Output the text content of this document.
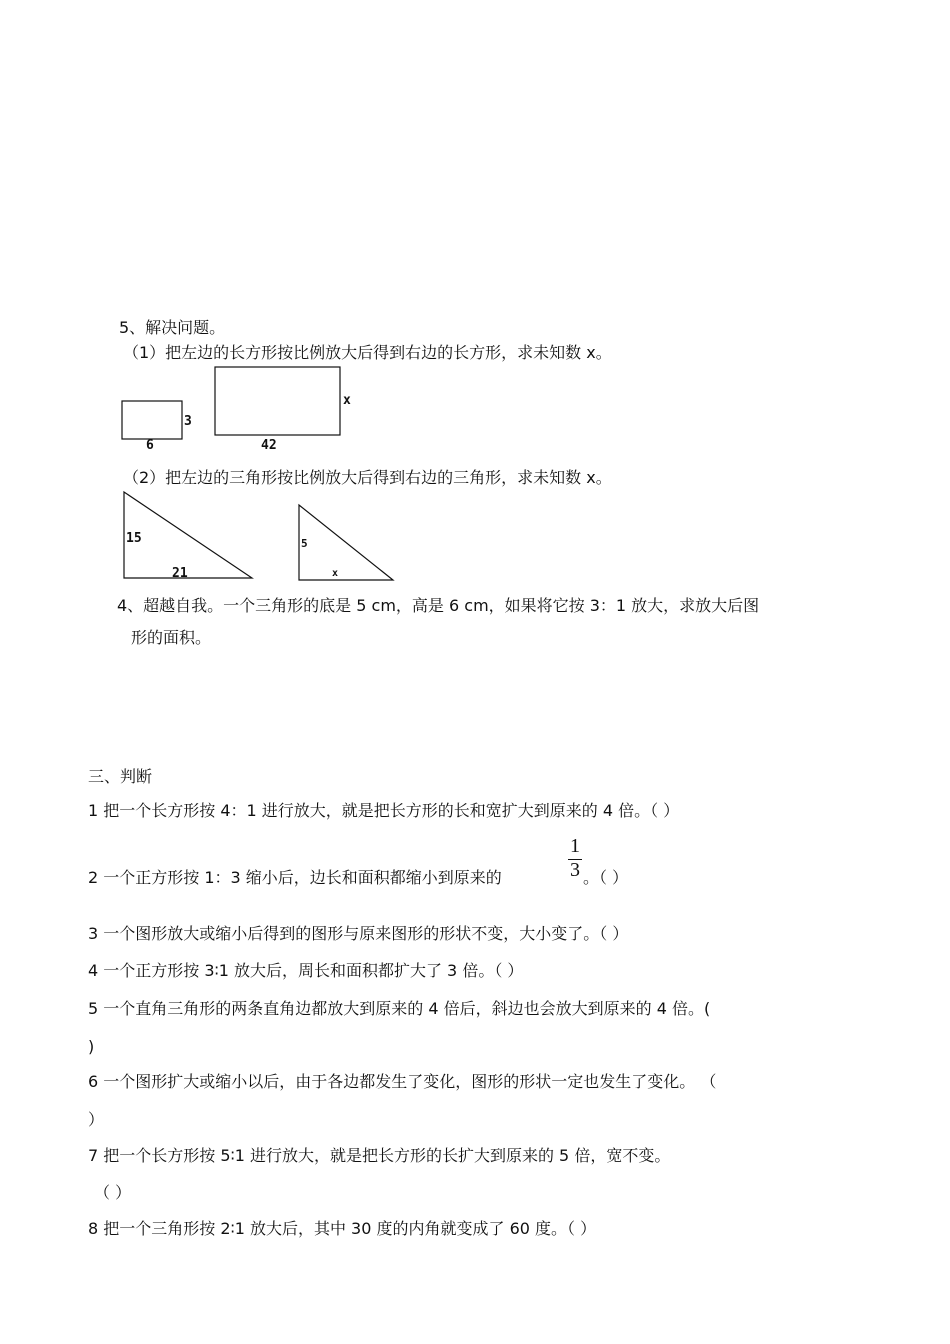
5、解决问题。
（1）把左边的长方形按比例放大后得到右边的长方形，求未知数 x。
3
6
x
42
15
21
5
x
（2）把左边的三角形按比例放大后得到右边的三角形，求未知数 x。
4、超越自我。一个三角形的底是 5 cm，高是 6 cm，如果将它按 3：1 放大，求放大后图
形的面积。
三、判断
1 把一个长方形按 4：1 进行放大，就是把长方形的长和宽扩大到原来的 4 倍。（ ）
2 一个正方形按 1：3 缩小后，边长和面积都缩小到原来的
1
3 。（ ）
3 一个图形放大或缩小后得到的图形与原来图形的形状不变，大小变了。（ ）
4 一个正方形按 3∶1 放大后，周长和面积都扩大了 3 倍。（ ）
5 一个直角三角形的两条直角边都放大到原来的 4 倍后，斜边也会放大到原来的 4 倍。(
)
6 一个图形扩大或缩小以后，由于各边都发生了变化，图形的形状一定也发生了变化。 （
）
7 把一个长方形按 5∶1 进行放大，就是把长方形的长扩大到原来的 5 倍，宽不变。
（ ）
8 把一个三角形按 2∶1 放大后，其中 30 度的内角就变成了 60 度。（ ）
